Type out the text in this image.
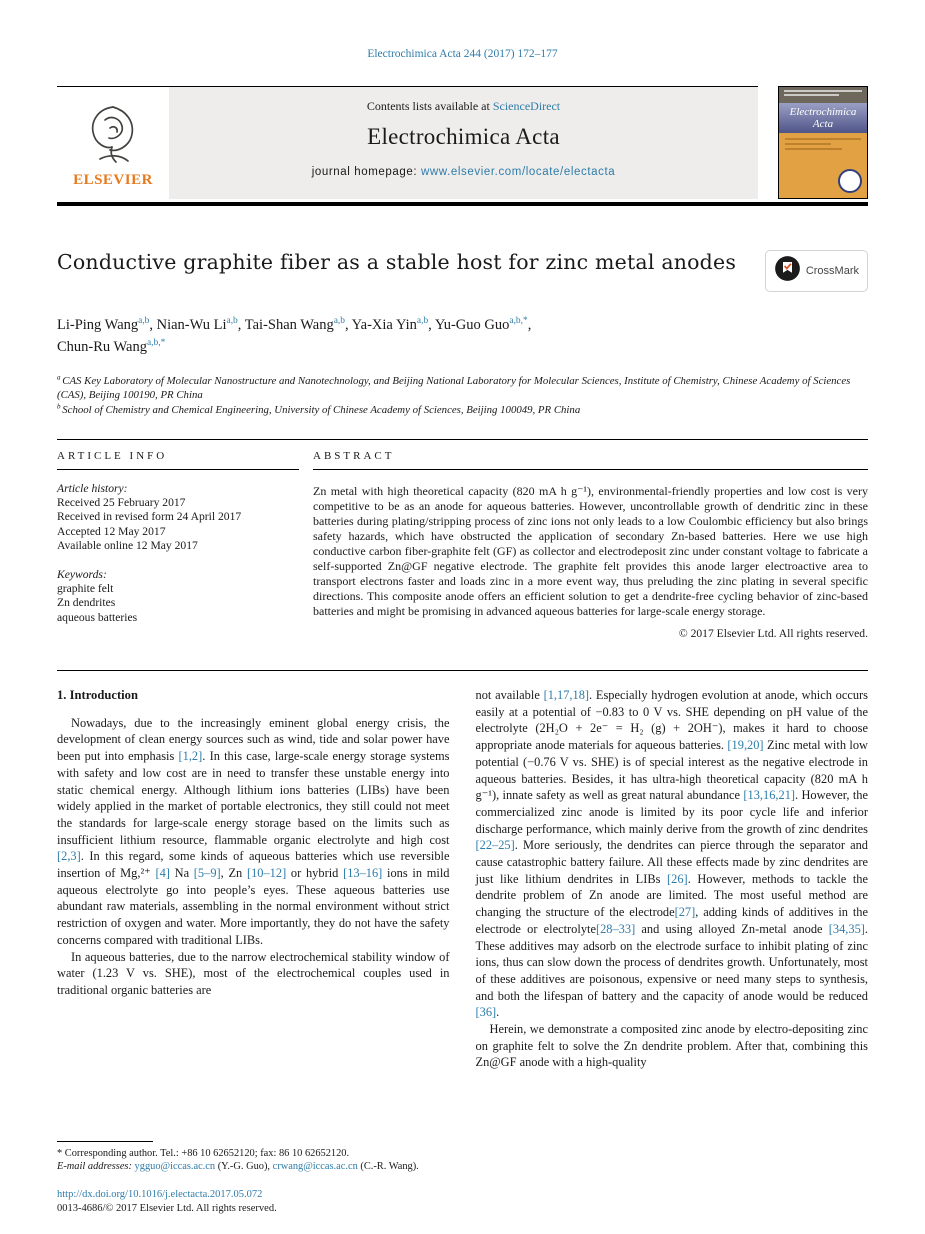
Electrochimica Acta 244 (2017) 172–177
ELSEVIER
Contents lists available at ScienceDirect
Electrochimica Acta
journal homepage: www.elsevier.com/locate/electacta
Electrochimica Acta
Conductive graphite fiber as a stable host for zinc metal anodes	CrossMark
Li-Ping Wang$^{a,b}$, Nian-Wu Li$^{a,b}$, Tai-Shan Wang$^{a,b}$, Ya-Xia Yin$^{a,b}$, Yu-Guo Guo$^{a,b,*}$,
Chun-Ru Wang$^{a,b,*}$
$^a$ CAS Key Laboratory of Molecular Nanostructure and Nanotechnology, and Beijing National Laboratory for Molecular Sciences, Institute of Chemistry, Chinese Academy of Sciences (CAS), Beijing 100190, PR China
$^b$ School of Chemistry and Chemical Engineering, University of Chinese Academy of Sciences, Beijing 100049, PR China
ARTICLE INFO
Article history:
Received 25 February 2017
Received in revised form 24 April 2017
Accepted 12 May 2017
Available online 12 May 2017
Keywords:
graphite felt
Zn dendrites
aqueous batteries
ABSTRACT
Zn metal with high theoretical capacity (820 mA h g⁻¹), environmental-friendly properties and low cost is very competitive to be as an anode for aqueous batteries. However, uncontrollable growth of dendritic zinc in these batteries during plating/stripping process of zinc ions not only leads to a low Coulombic efficiency but also brings safety hazards, which have obstructed the application of secondary Zn-based batteries. Here we use high conductive carbon fiber-graphite felt (GF) as collector and electrodeposit zinc under constant voltage to fabricate a self-supported Zn@GF negative electrode. The graphite felt provides this anode larger electroactive area to transport electrons faster and loads zinc in a more event way, thus preluding the zinc plating in several specific directions. This composite anode offers an efficient solution to get a dendrite-free cycling behavior of zinc-based batteries and might be promising in advanced aqueous batteries for large-scale energy storage.
© 2017 Elsevier Ltd. All rights reserved.
1. Introduction

Nowadays, due to the increasingly eminent global energy crisis, the development of clean energy sources such as wind, tide and solar power have been put into emphasis [1,2]. In this case, large-scale energy storage systems with safety and low cost are in need to transfer these unstable energy into static chemical energy. Although lithium ions batteries (LIBs) have been widely applied in the market of portable electronics, they still could not meet the standards for large-scale energy storage based on the limits such as insufficient lithium resource, flammable organic electrolyte and high cost [2,3]. In this regard, some kinds of aqueous batteries which use reversible insertion of Mg,²⁺ [4] Na [5–9], Zn [10–12] or hybrid [13–16] ions in mild aqueous electrolyte go into people’s eyes. These aqueous batteries use abundant raw materials, assembling in the normal environment without strict restriction of oxygen and water. More importantly, they do not have the safety concerns compared with traditional LIBs.

In aqueous batteries, due to the narrow electrochemical stability window of water (1.23 V vs. SHE), most of the electrochemical couples used in traditional organic batteries are

* Corresponding author. Tel.: +86 10 62652120; fax: 86 10 62652120.
E-mail addresses: ygguo@iccas.ac.cn (Y.-G. Guo), crwang@iccas.ac.cn (C.-R. Wang).

not available [1,17,18]. Especially hydrogen evolution at anode, which occurs easily at a potential of −0.83 to 0 V vs. SHE depending on pH value of the electrolyte (2H₂O + 2e⁻ = H₂ (g) + 2OH⁻), makes it hard to choose appropriate anode materials for aqueous batteries. [19,20] Zinc metal with low potential (−0.76 V vs. SHE) is of special interest as the negative electrode in aqueous batteries. Besides, it has ultra-high theoretical capacity (820 mA h g⁻¹), innate safety as well as great natural abundance [13,16,21]. However, the commercialized zinc anode is limited by its poor cycle life and inferior discharge performance, which mainly derive from the growth of zinc dendrites [22–25]. More seriously, the dendrites can pierce through the separator and cause catastrophic battery failure. All these effects made by zinc dendrites are just like lithium dendrites in LIBs [26]. However, methods to tackle the dendrite problem of Zn anode are limited. The most useful method are changing the structure of the electrode[27], adding kinds of additives in the electrode or electrolyte[28–33] and using alloyed Zn-metal anode [34,35]. These additives may adsorb on the electrode surface to inhibit plating of zinc ions, thus can slow down the process of dendrites growth. Unfortunately, most of these additives are poisonous, expensive or need many steps to synthesis, and both the lifespan of battery and the capacity of anode would be reduced [36].

Herein, we demonstrate a composited zinc anode by electro-depositing zinc on graphite felt to solve the Zn dendrite problem. After that, combining this Zn@GF anode with a high-quality

http://dx.doi.org/10.1016/j.electacta.2017.05.072
0013-4686/© 2017 Elsevier Ltd. All rights reserved.
